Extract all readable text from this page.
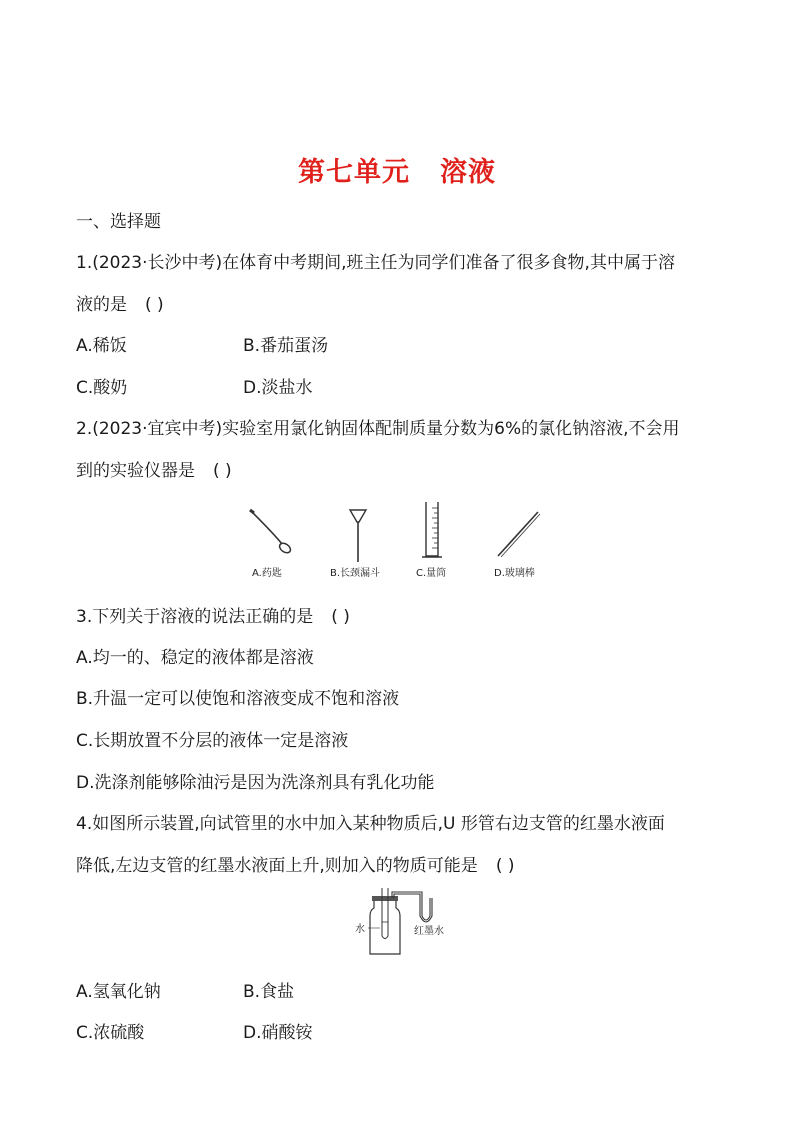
第七单元 溶液
一、选择题
1.(2023·长沙中考)在体育中考期间,班主任为同学们准备了很多食物,其中属于溶
液的是 ( )
A.稀饭	B.番茄蛋汤
C.酸奶	D.淡盐水
2.(2023·宜宾中考)实验室用氯化钠固体配制质量分数为6%的氯化钠溶液,不会用
到的实验仪器是 ( )
A.药匙	B.长颈漏斗	C.量筒	D.玻璃棒
3.下列关于溶液的说法正确的是 ( )
A.均一的、稳定的液体都是溶液
B.升温一定可以使饱和溶液变成不饱和溶液
C.长期放置不分层的液体一定是溶液
D.洗涤剂能够除油污是因为洗涤剂具有乳化功能
4.如图所示装置,向试管里的水中加入某种物质后,U 形管右边支管的红墨水液面
降低,左边支管的红墨水液面上升,则加入的物质可能是 ( )
水	红墨水
A.氢氧化钠	B.食盐
C.浓硫酸	D.硝酸铵
